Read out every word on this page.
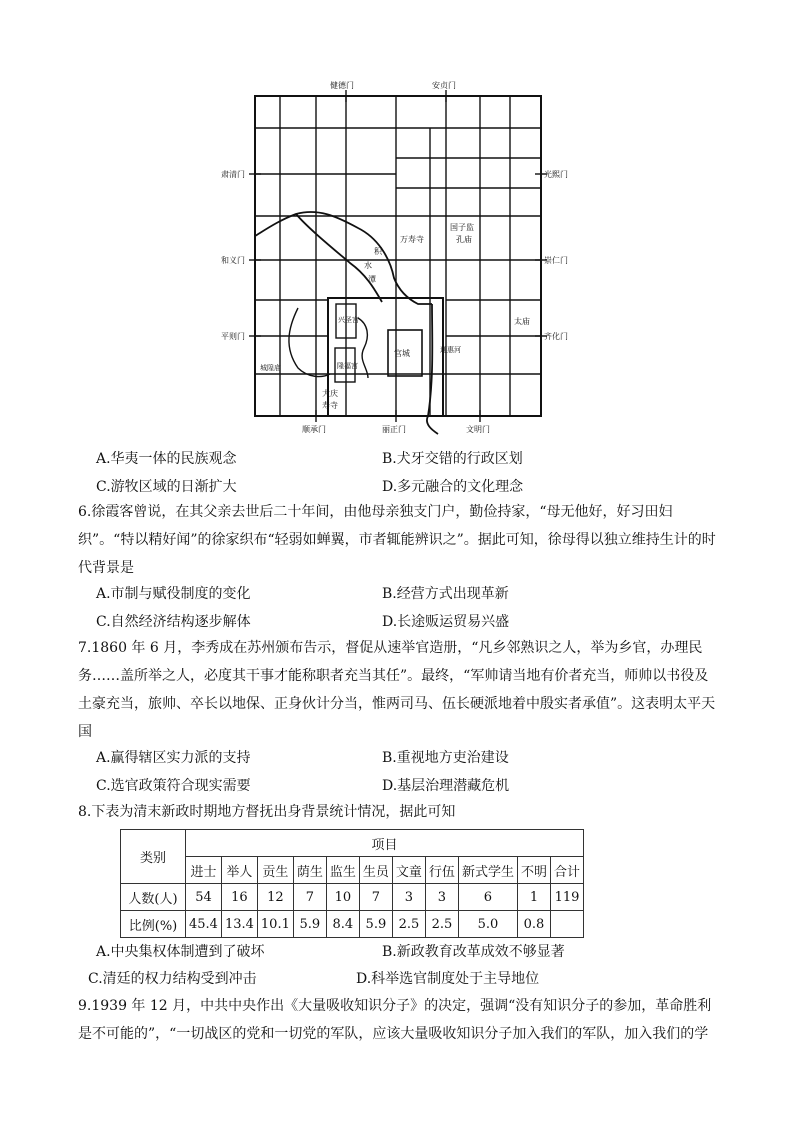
健德门	安贞门
肃清门	光熙门
和义门	崇仁门
平则门	齐化门
顺承门	丽正门	文明门
万寿寺
国子监
孔庙
积
水
潭
兴圣宫
隆福宫
宫城
太庙
通惠河
城隍庙
大庆
寿寺
A.华夷一体的民族观念	B.犬牙交错的行政区划
C.游牧区域的日渐扩大	D.多元融合的文化理念
6.徐霞客曾说，在其父亲去世后二十年间，由他母亲独支门户，勤俭持家，“母无他好，好习田妇织”。“特以精好闻”的徐家织布“轻弱如蝉翼，市者辄能辨识之”。据此可知，徐母得以独立维持生计的时代背景是
A.市制与赋役制度的变化	B.经营方式出现革新
C.自然经济结构逐步解体	D.长途贩运贸易兴盛
7.1860 年 6 月，李秀成在苏州颁布告示，督促从速举官造册，“凡乡邻熟识之人，举为乡官，办理民务……盖所举之人，必度其干事才能称职者充当其任”。最终，“军帅请当地有价者充当，师帅以书役及土豪充当，旅帅、卒长以地保、正身伙计分当，惟两司马、伍长硬派地着中殷实者承值”。这表明太平天国
A.赢得辖区实力派的支持	B.重视地方吏治建设
C.选官政策符合现实需要	D.基层治理潜藏危机
8.下表为清末新政时期地方督抚出身背景统计情况，据此可知
类别	项目										
	进士	举人	贡生	荫生	监生	生员	文童	行伍	新式学生	不明	合计
人数(人)	54	16	12	7	10	7	3	3	6	1	119
比例(%)	45.4	13.4	10.1	5.9	8.4	5.9	2.5	2.5	5.0	0.8	
A.中央集权体制遭到了破坏	B.新政教育改革成效不够显著
C.清廷的权力结构受到冲击	D.科举选官制度处于主导地位
9.1939 年 12 月，中共中央作出《大量吸收知识分子》的决定，强调“没有知识分子的参加，革命胜利是不可能的”，“一切战区的党和一切党的军队，应该大量吸收知识分子加入我们的军队，加入我们的学
